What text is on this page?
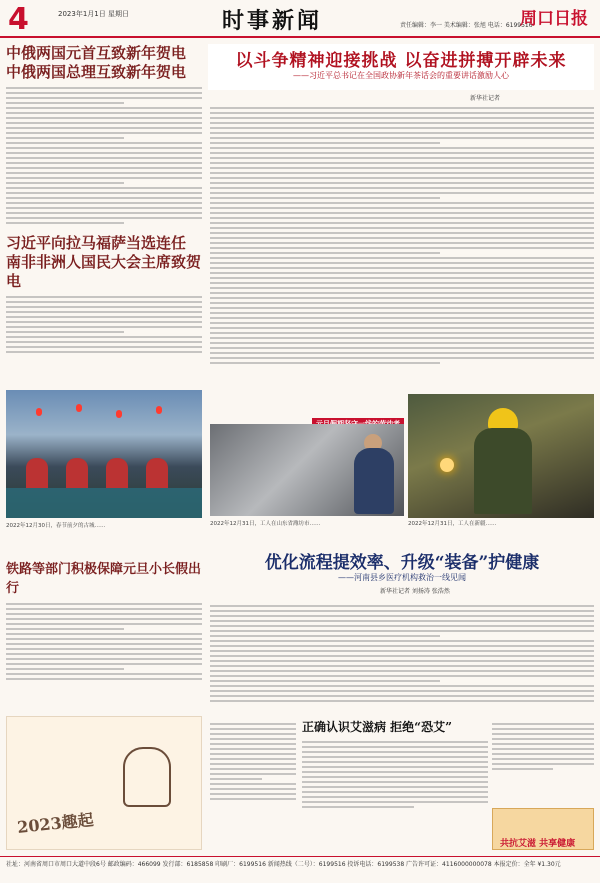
4	2023年1月1日 星期日	时事新闻	责任编辑：李一 美术编辑：张旭 电话：6199516
周口日报
中俄两国元首互致新年贺电
中俄两国总理互致新年贺电
习近平向拉马福萨当选连任
南非非洲人国民大会主席致贺电
2022年12月30日，春节前夕的古城……
铁路等部门积极保障元旦小长假出行
以斗争精神迎接挑战 以奋进拼搏开辟未来
——习近平总书记在全国政协新年茶话会的重要讲话激励人心
新华社记者
2022年12月31日，工人在山东省潍坊市……	2022年12月31日，工人在新疆……
优化流程提效率、升级“装备”护健康
——河南县乡医疗机构救治一线见闻
新华社记者 刘扬涛 张浩然
2023趣起
正确认识艾滋病 拒绝“恐艾”
共抗艾滋 共享健康
社址：河南省周口市周口大道中段6号 邮政编码：466099 发行部：6185858 印刷厂：6199516 新闻热线（二号）：6199516 投诉电话：6199538 广告许可证：4116000000078 本报定价：全年 ¥1.30元
